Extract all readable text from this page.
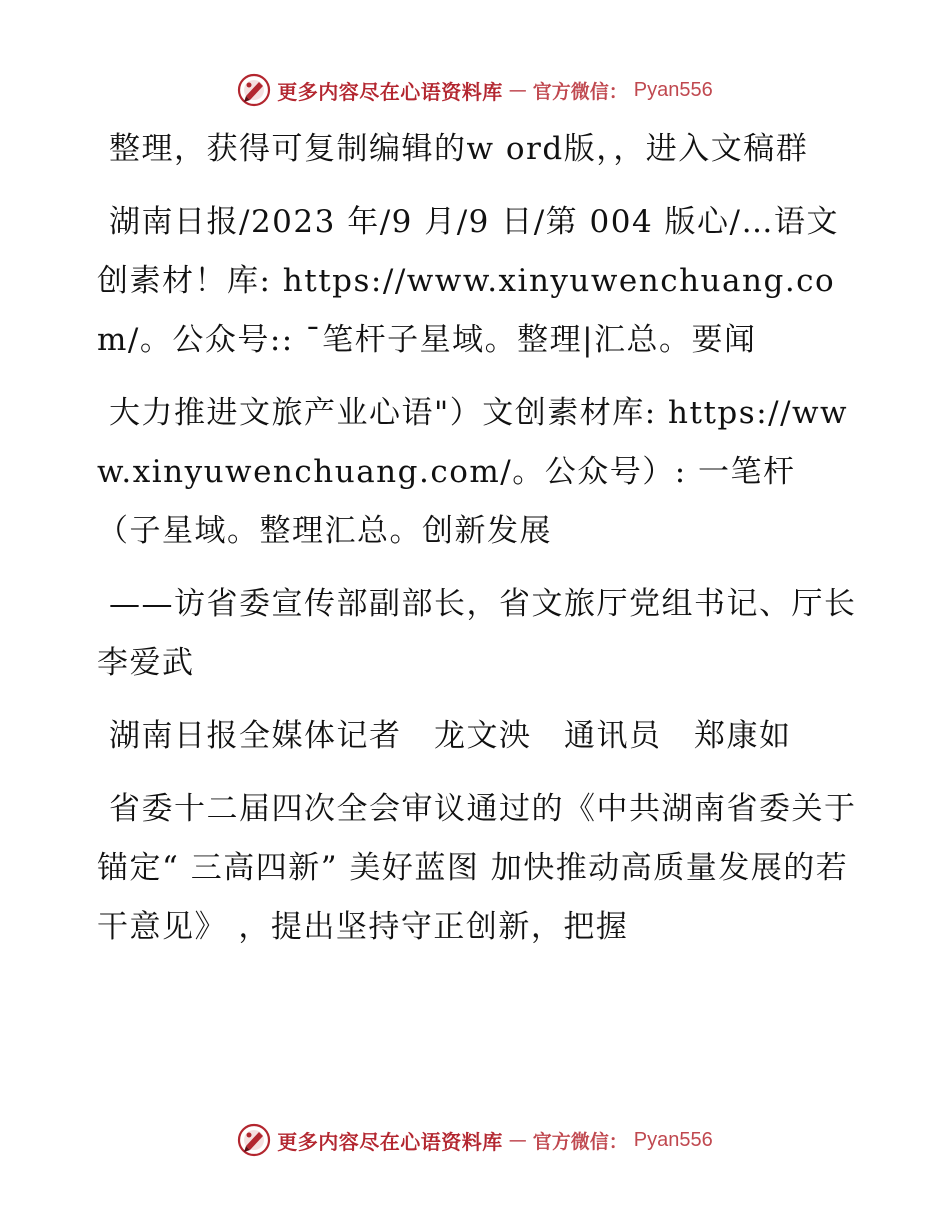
更多内容尽在心语资料库 — 官方微信： Pyan556

整理，获得可复制编辑的w ord版，，进入文稿群

湖南日报/2023 年/9 月/9 日/第 004 版心/…语文创素材！库: https://www.xinyuwenchuang.com/。公众号:: ¯笔杆子星域。整理|汇总。要闻

大力推进文旅产业心语"）文创素材库: https://www.xinyuwenchuang.com/。公众号）: 一笔杆（子星域。整理汇总。创新发展

——访省委宣传部副部长，省文旅厅党组书记、厅长李爱武

湖南日报全媒体记者　龙文泱　通讯员　郑康如

省委十二届四次全会审议通过的《中共湖南省委关于锚定“ 三高四新” 美好蓝图 加快推动高质量发展的若干意见》 ，提出坚持守正创新，把握

更多内容尽在心语资料库 — 官方微信： Pyan556
